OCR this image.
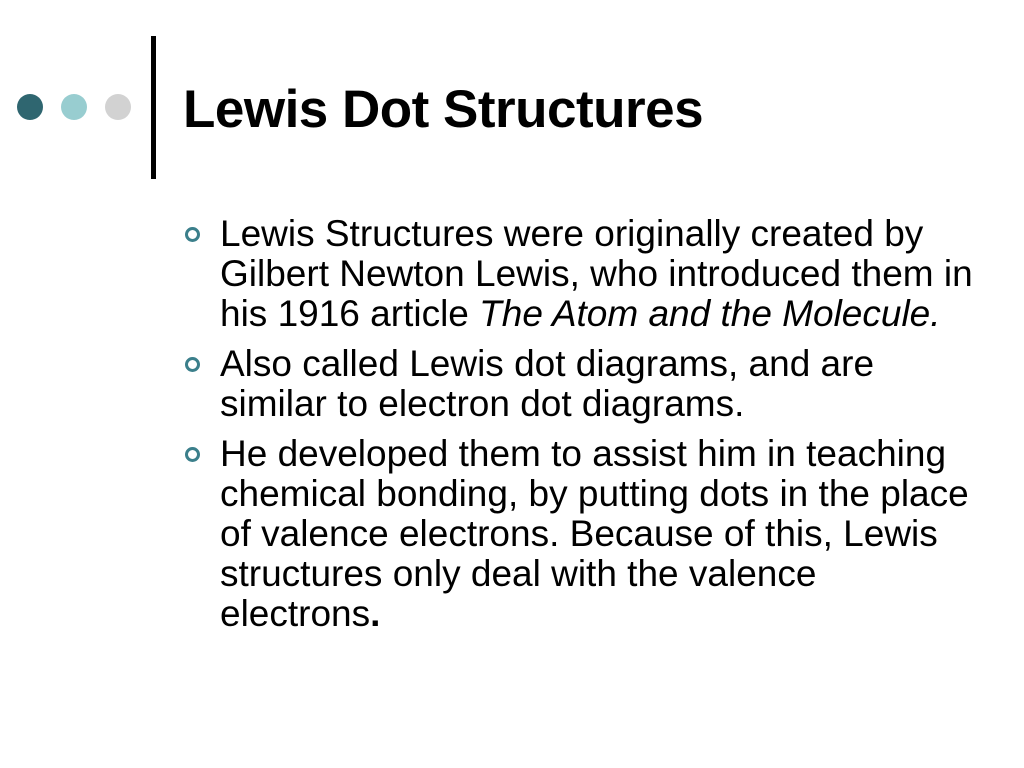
Lewis Dot Structures
Lewis Structures were originally created by Gilbert Newton Lewis, who introduced them in his 1916 article The Atom and the Molecule.
Also called Lewis dot diagrams, and are similar to electron dot diagrams.
He developed them to assist him in teaching chemical bonding, by putting dots in the place of valence electrons. Because of this, Lewis structures only deal with the valence electrons.
